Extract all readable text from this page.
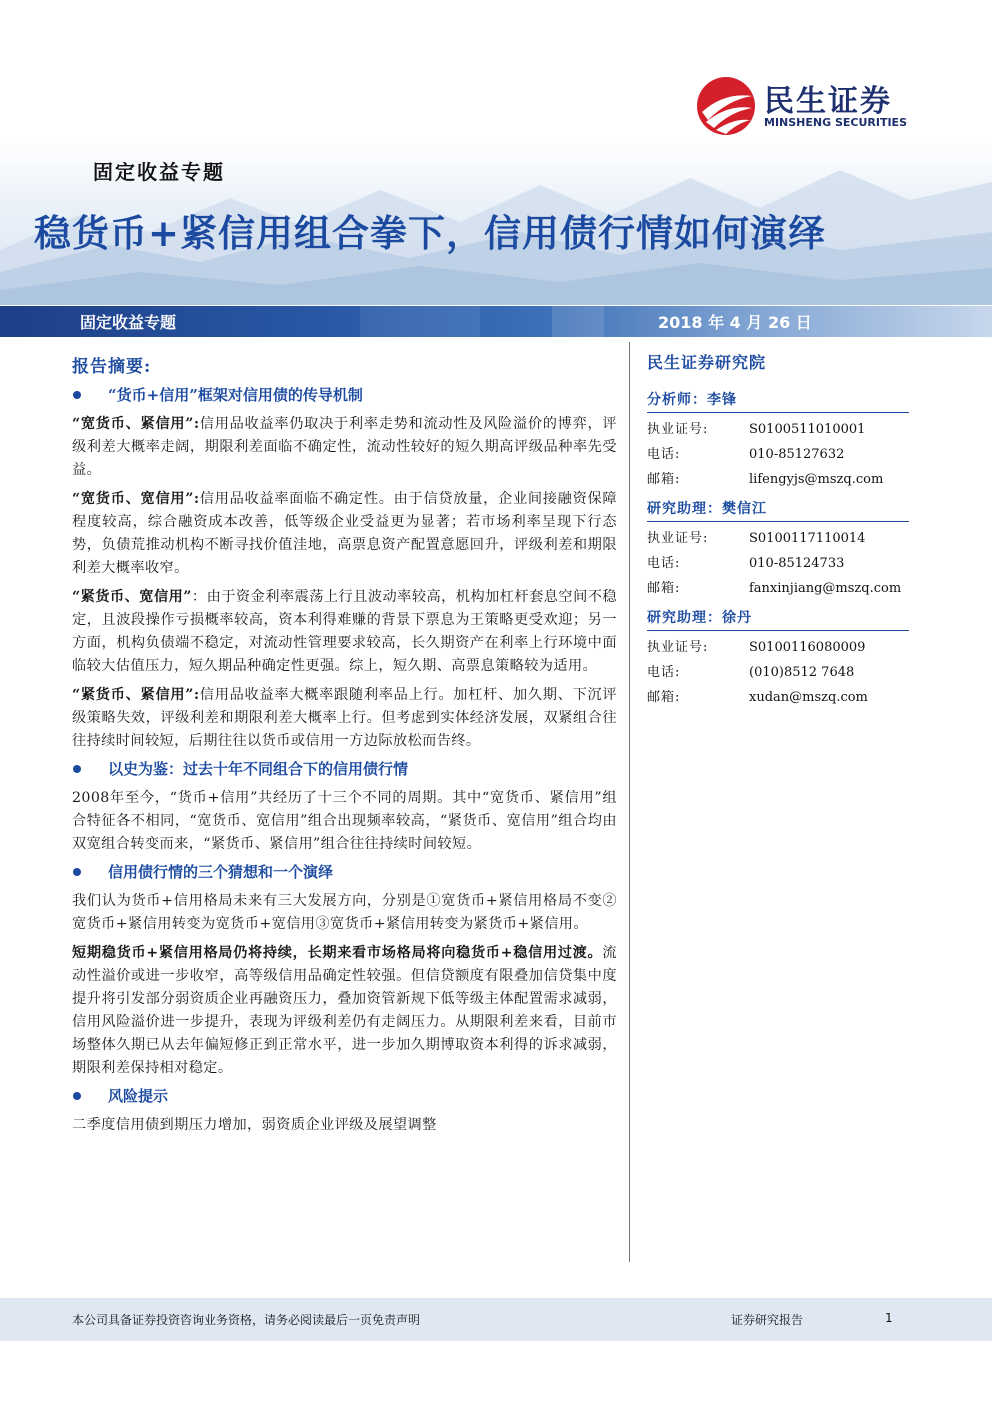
民生证券
MINSHENG SECURITIES
固定收益专题
稳货币+紧信用组合拳下，信用债行情如何演绎
固定收益专题	2018 年 4 月 26 日
报告摘要:
“货币+信用”框架对信用债的传导机制

“宽货币、紧信用”:信用品收益率仍取决于利率走势和流动性及风险溢价的博弈，评级利差大概率走阔，期限利差面临不确定性，流动性较好的短久期高评级品种率先受益。

“宽货币、宽信用”:信用品收益率面临不确定性。由于信贷放量，企业间接融资保障程度较高，综合融资成本改善，低等级企业受益更为显著；若市场利率呈现下行态势，负债荒推动机构不断寻找价值洼地，高票息资产配置意愿回升，评级利差和期限利差大概率收窄。

“紧货币、宽信用”：由于资金利率震荡上行且波动率较高，机构加杠杆套息空间不稳定，且波段操作亏损概率较高，资本利得难赚的背景下票息为王策略更受欢迎；另一方面，机构负债端不稳定，对流动性管理要求较高，长久期资产在利率上行环境中面临较大估值压力，短久期品种确定性更强。综上，短久期、高票息策略较为适用。

“紧货币、紧信用”:信用品收益率大概率跟随利率品上行。加杠杆、加久期、下沉评级策略失效，评级利差和期限利差大概率上行。但考虑到实体经济发展，双紧组合往往持续时间较短，后期往往以货币或信用一方边际放松而告终。

以史为鉴：过去十年不同组合下的信用债行情

2008年至今，“货币+信用”共经历了十三个不同的周期。其中“宽货币、紧信用”组合特征各不相同，“宽货币、宽信用”组合出现频率较高，“紧货币、宽信用”组合均由双宽组合转变而来，“紧货币、紧信用”组合往往持续时间较短。

信用债行情的三个猜想和一个演绎

我们认为货币+信用格局未来有三大发展方向，分别是①宽货币+紧信用格局不变②宽货币+紧信用转变为宽货币+宽信用③宽货币+紧信用转变为紧货币+紧信用。

短期稳货币+紧信用格局仍将持续，长期来看市场格局将向稳货币+稳信用过渡。流动性溢价或进一步收窄，高等级信用品确定性较强。但信贷额度有限叠加信贷集中度提升将引发部分弱资质企业再融资压力，叠加资管新规下低等级主体配置需求减弱，信用风险溢价进一步提升，表现为评级利差仍有走阔压力。从期限利差来看，目前市场整体久期已从去年偏短修正到正常水平，进一步加久期博取资本利得的诉求减弱，期限利差保持相对稳定。

风险提示

二季度信用债到期压力增加，弱资质企业评级及展望调整

民生证券研究院
分析师：李锋
执业证号:	S0100511010001
电话:	010-85127632
邮箱:	lifengyjs@mszq.com
研究助理：樊信江
执业证号:	S0100117110014
电话:	010-85124733
邮箱:	fanxinjiang@mszq.com
研究助理：徐丹
执业证号:	S0100116080009
电话:	(010)8512 7648
邮箱:	xudan@mszq.com
本公司具备证券投资咨询业务资格，请务必阅读最后一页免责声明	证券研究报告	1
